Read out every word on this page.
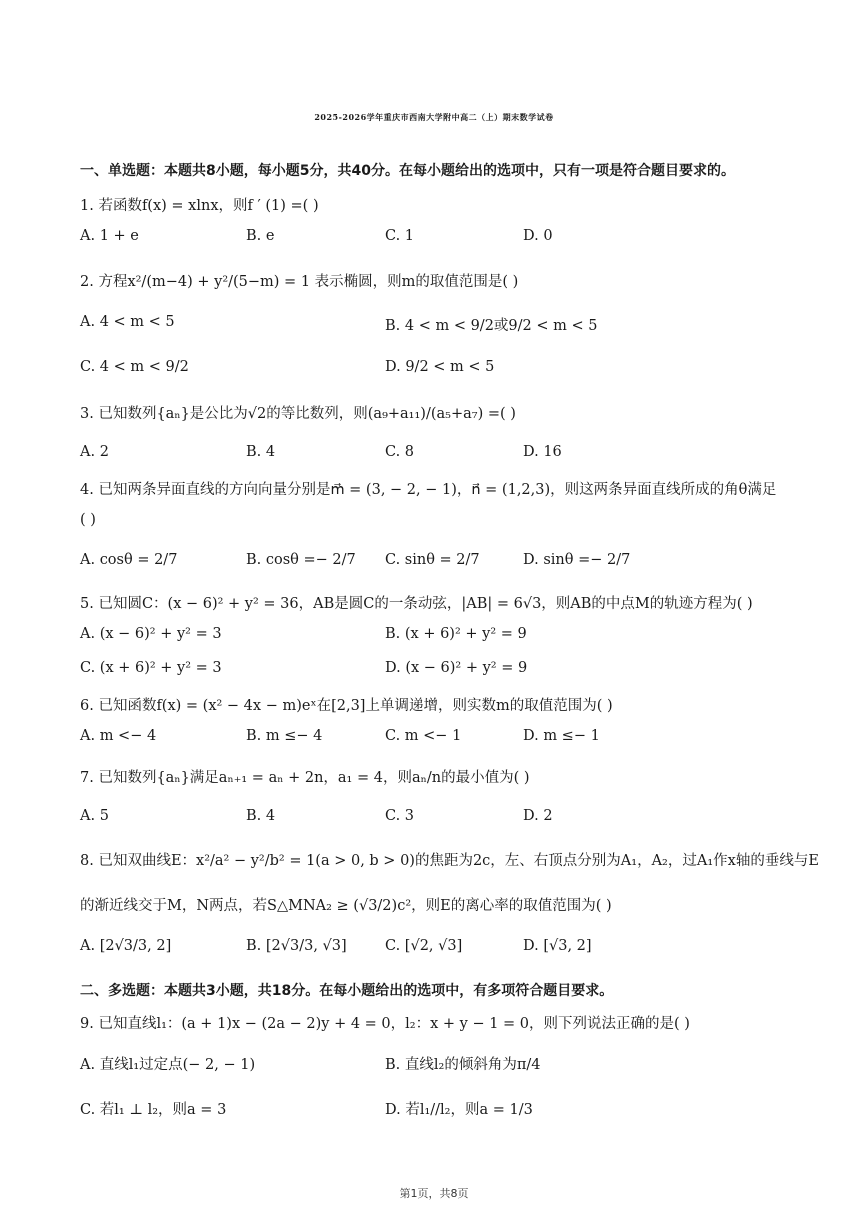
2025-2026学年重庆市西南大学附中高二（上）期末数学试卷
一、单选题：本题共8小题，每小题5分，共40分。在每小题给出的选项中，只有一项是符合题目要求的。
1. 若函数f(x) = xlnx，则f ′ (1) =( )
A. 1 + e	B. e	C. 1	D. 0
2. 方程x²/(m−4) + y²/(5−m) = 1 表示椭圆，则m的取值范围是( )
A. 4 < m < 5	B. 4 < m < 9/2或9/2 < m < 5
C. 4 < m < 9/2	D. 9/2 < m < 5
3. 已知数列{aₙ}是公比为√2的等比数列，则(a₉+a₁₁)/(a₅+a₇) =( )
A. 2	B. 4	C. 8	D. 16
4. 已知两条异面直线的方向向量分别是m⃗ = (3, − 2, − 1)，n⃗ = (1,2,3)，则这两条异面直线所成的角θ满足
( )
A. cosθ = 2/7	B. cosθ =− 2/7 C. sinθ = 2/7	D. sinθ =− 2/7
5. 已知圆C：(x − 6)² + y² = 36，AB是圆C的一条动弦，|AB| = 6√3，则AB的中点M的轨迹方程为( )
A. (x − 6)² + y² = 3	B. (x + 6)² + y² = 9
C. (x + 6)² + y² = 3	D. (x − 6)² + y² = 9
6. 已知函数f(x) = (x² − 4x − m)eˣ在[2,3]上单调递增，则实数m的取值范围为( )
A. m <− 4	B. m ≤− 4	C. m <− 1	D. m ≤− 1
7. 已知数列{aₙ}满足aₙ₊₁ = aₙ + 2n，a₁ = 4，则aₙ/n的最小值为( )
A. 5	B. 4	C. 3	D. 2
8. 已知双曲线E：x²/a² − y²/b² = 1(a > 0, b > 0)的焦距为2c，左、右顶点分别为A₁，A₂，过A₁作x轴的垂线与E
的渐近线交于M，N两点，若S△MNA₂ ≥ (√3/2)c²，则E的离心率的取值范围为( )
A. [2√3/3, 2]	B. [2√3/3, √3]	C. [√2, √3]	D. [√3, 2]
二、多选题：本题共3小题，共18分。在每小题给出的选项中，有多项符合题目要求。
9. 已知直线l₁：(a + 1)x − (2a − 2)y + 4 = 0，l₂：x + y − 1 = 0，则下列说法正确的是( )
A. 直线l₁过定点(− 2, − 1)	B. 直线l₂的倾斜角为π/4
C. 若l₁ ⊥ l₂，则a = 3	D. 若l₁//l₂，则a = 1/3
第1页，共8页
